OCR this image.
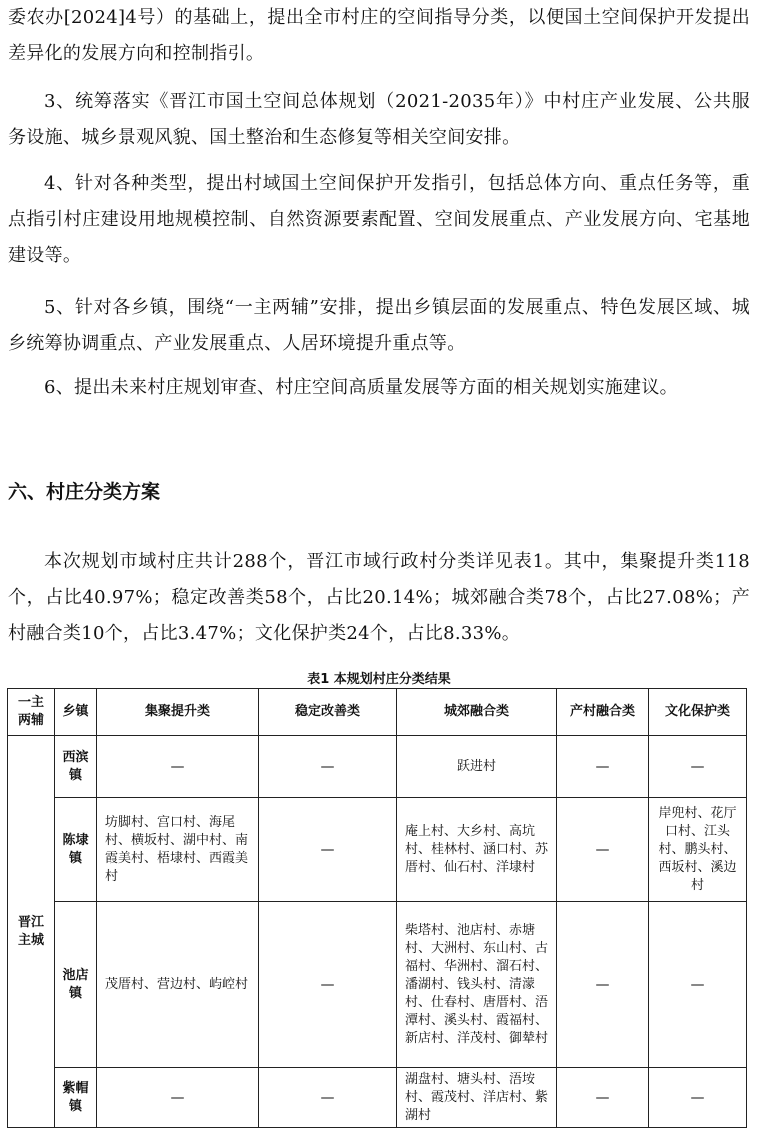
委农办[2024]4号）的基础上，提出全市村庄的空间指导分类，以便国土空间保护开发提出差异化的发展方向和控制指引。

3、统筹落实《晋江市国土空间总体规划（2021-2035年）》中村庄产业发展、公共服务设施、城乡景观风貌、国土整治和生态修复等相关空间安排。

4、针对各种类型，提出村域国土空间保护开发指引，包括总体方向、重点任务等，重点指引村庄建设用地规模控制、自然资源要素配置、空间发展重点、产业发展方向、宅基地建设等。

5、针对各乡镇，围绕“一主两辅”安排，提出乡镇层面的发展重点、特色发展区域、城乡统筹协调重点、产业发展重点、人居环境提升重点等。

6、提出未来村庄规划审查、村庄空间高质量发展等方面的相关规划实施建议。

六、村庄分类方案

本次规划市域村庄共计288个，晋江市域行政村分类详见表1。其中，集聚提升类118个，占比40.97%；稳定改善类58个，占比20.14%；城郊融合类78个，占比27.08%；产村融合类10个，占比3.47%；文化保护类24个，占比8.33%。

表1 本规划村庄分类结果
一主两辅	乡镇	集聚提升类	稳定改善类	城郊融合类	产村融合类	文化保护类
晋江主城	西滨镇	—	—	跃进村	—	—
	陈埭镇	坊脚村、宫口村、海尾村、横坂村、湖中村、南霞美村、梧埭村、西霞美村	—	庵上村、大乡村、高坑村、桂林村、涵口村、苏厝村、仙石村、洋埭村	—	岸兜村、花厅口村、江头村、鹏头村、西坂村、溪边村
	池店镇	茂厝村、营边村、屿崆村	—	柴塔村、池店村、赤塘村、大洲村、东山村、古福村、华洲村、溜石村、潘湖村、钱头村、清濛村、仕春村、唐厝村、浯潭村、溪头村、霞福村、新店村、洋茂村、御辇村	—	—
	紫帽镇	—	—	湖盘村、塘头村、浯垵村、霞茂村、洋店村、紫湖村	—	—
